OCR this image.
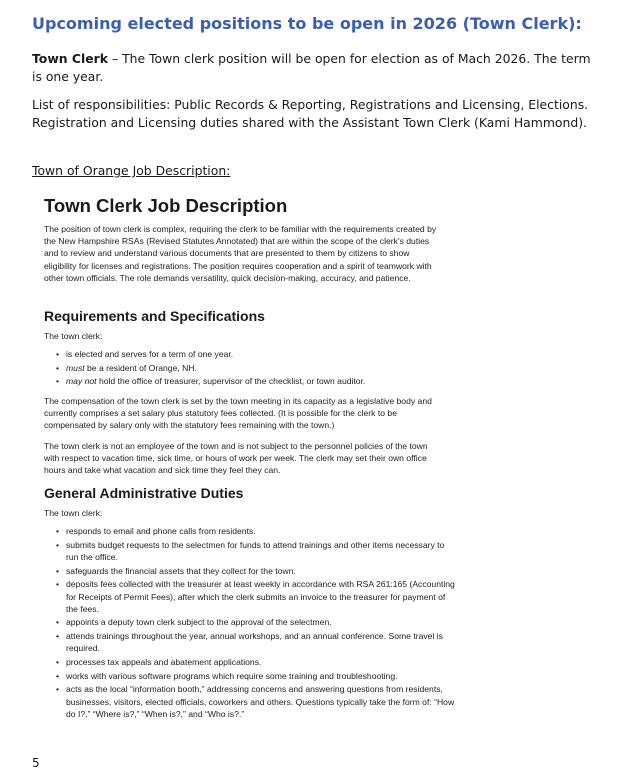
Upcoming elected positions to be open in 2026 (Town Clerk):

Town Clerk – The Town clerk position will be open for election as of Mach 2026. The term is one year.

List of responsibilities: Public Records & Reporting, Registrations and Licensing, Elections. Registration and Licensing duties shared with the Assistant Town Clerk (Kami Hammond).

Town of Orange Job Description:
Town Clerk Job Description

The position of town clerk is complex, requiring the clerk to be familiar with the requirements created by the New Hampshire RSAs (Revised Statutes Annotated) that are within the scope of the clerk's duties and to review and understand various documents that are presented to them by citizens to show eligibility for licenses and registrations. The position requires cooperation and a spirit of teamwork with other town officials. The role demands versatility, quick decision-making, accuracy, and patience.

Requirements and Specifications

The town clerk:

• is elected and serves for a term of one year.
• must be a resident of Orange, NH.
• may not hold the office of treasurer, supervisor of the checklist, or town auditor.

The compensation of the town clerk is set by the town meeting in its capacity as a legislative body and currently comprises a set salary plus statutory fees collected. (It is possible for the clerk to be compensated by salary only with the statutory fees remaining with the town.)

The town clerk is not an employee of the town and is not subject to the personnel policies of the town with respect to vacation time, sick time, or hours of work per week. The clerk may set their own office hours and take what vacation and sick time they feel they can.

General Administrative Duties

The town clerk:

• responds to email and phone calls from residents.
• submits budget requests to the selectmen for funds to attend trainings and other items necessary to run the office.
• safeguards the financial assets that they collect for the town.
• deposits fees collected with the treasurer at least weekly in accordance with RSA 261:165 (Accounting for Receipts of Permit Fees), after which the clerk submits an invoice to the treasurer for payment of the fees.
• appoints a deputy town clerk subject to the approval of the selectmen.
• attends trainings throughout the year, annual workshops, and an annual conference. Some travel is required.
• processes tax appeals and abatement applications.
• works with various software programs which require some training and troubleshooting.
• acts as the local “information booth,” addressing concerns and answering questions from residents, businesses, visitors, elected officials, coworkers and others. Questions typically take the form of: “How do I?,” “Where is?,” “When is?,” and “Who is?.”
5
